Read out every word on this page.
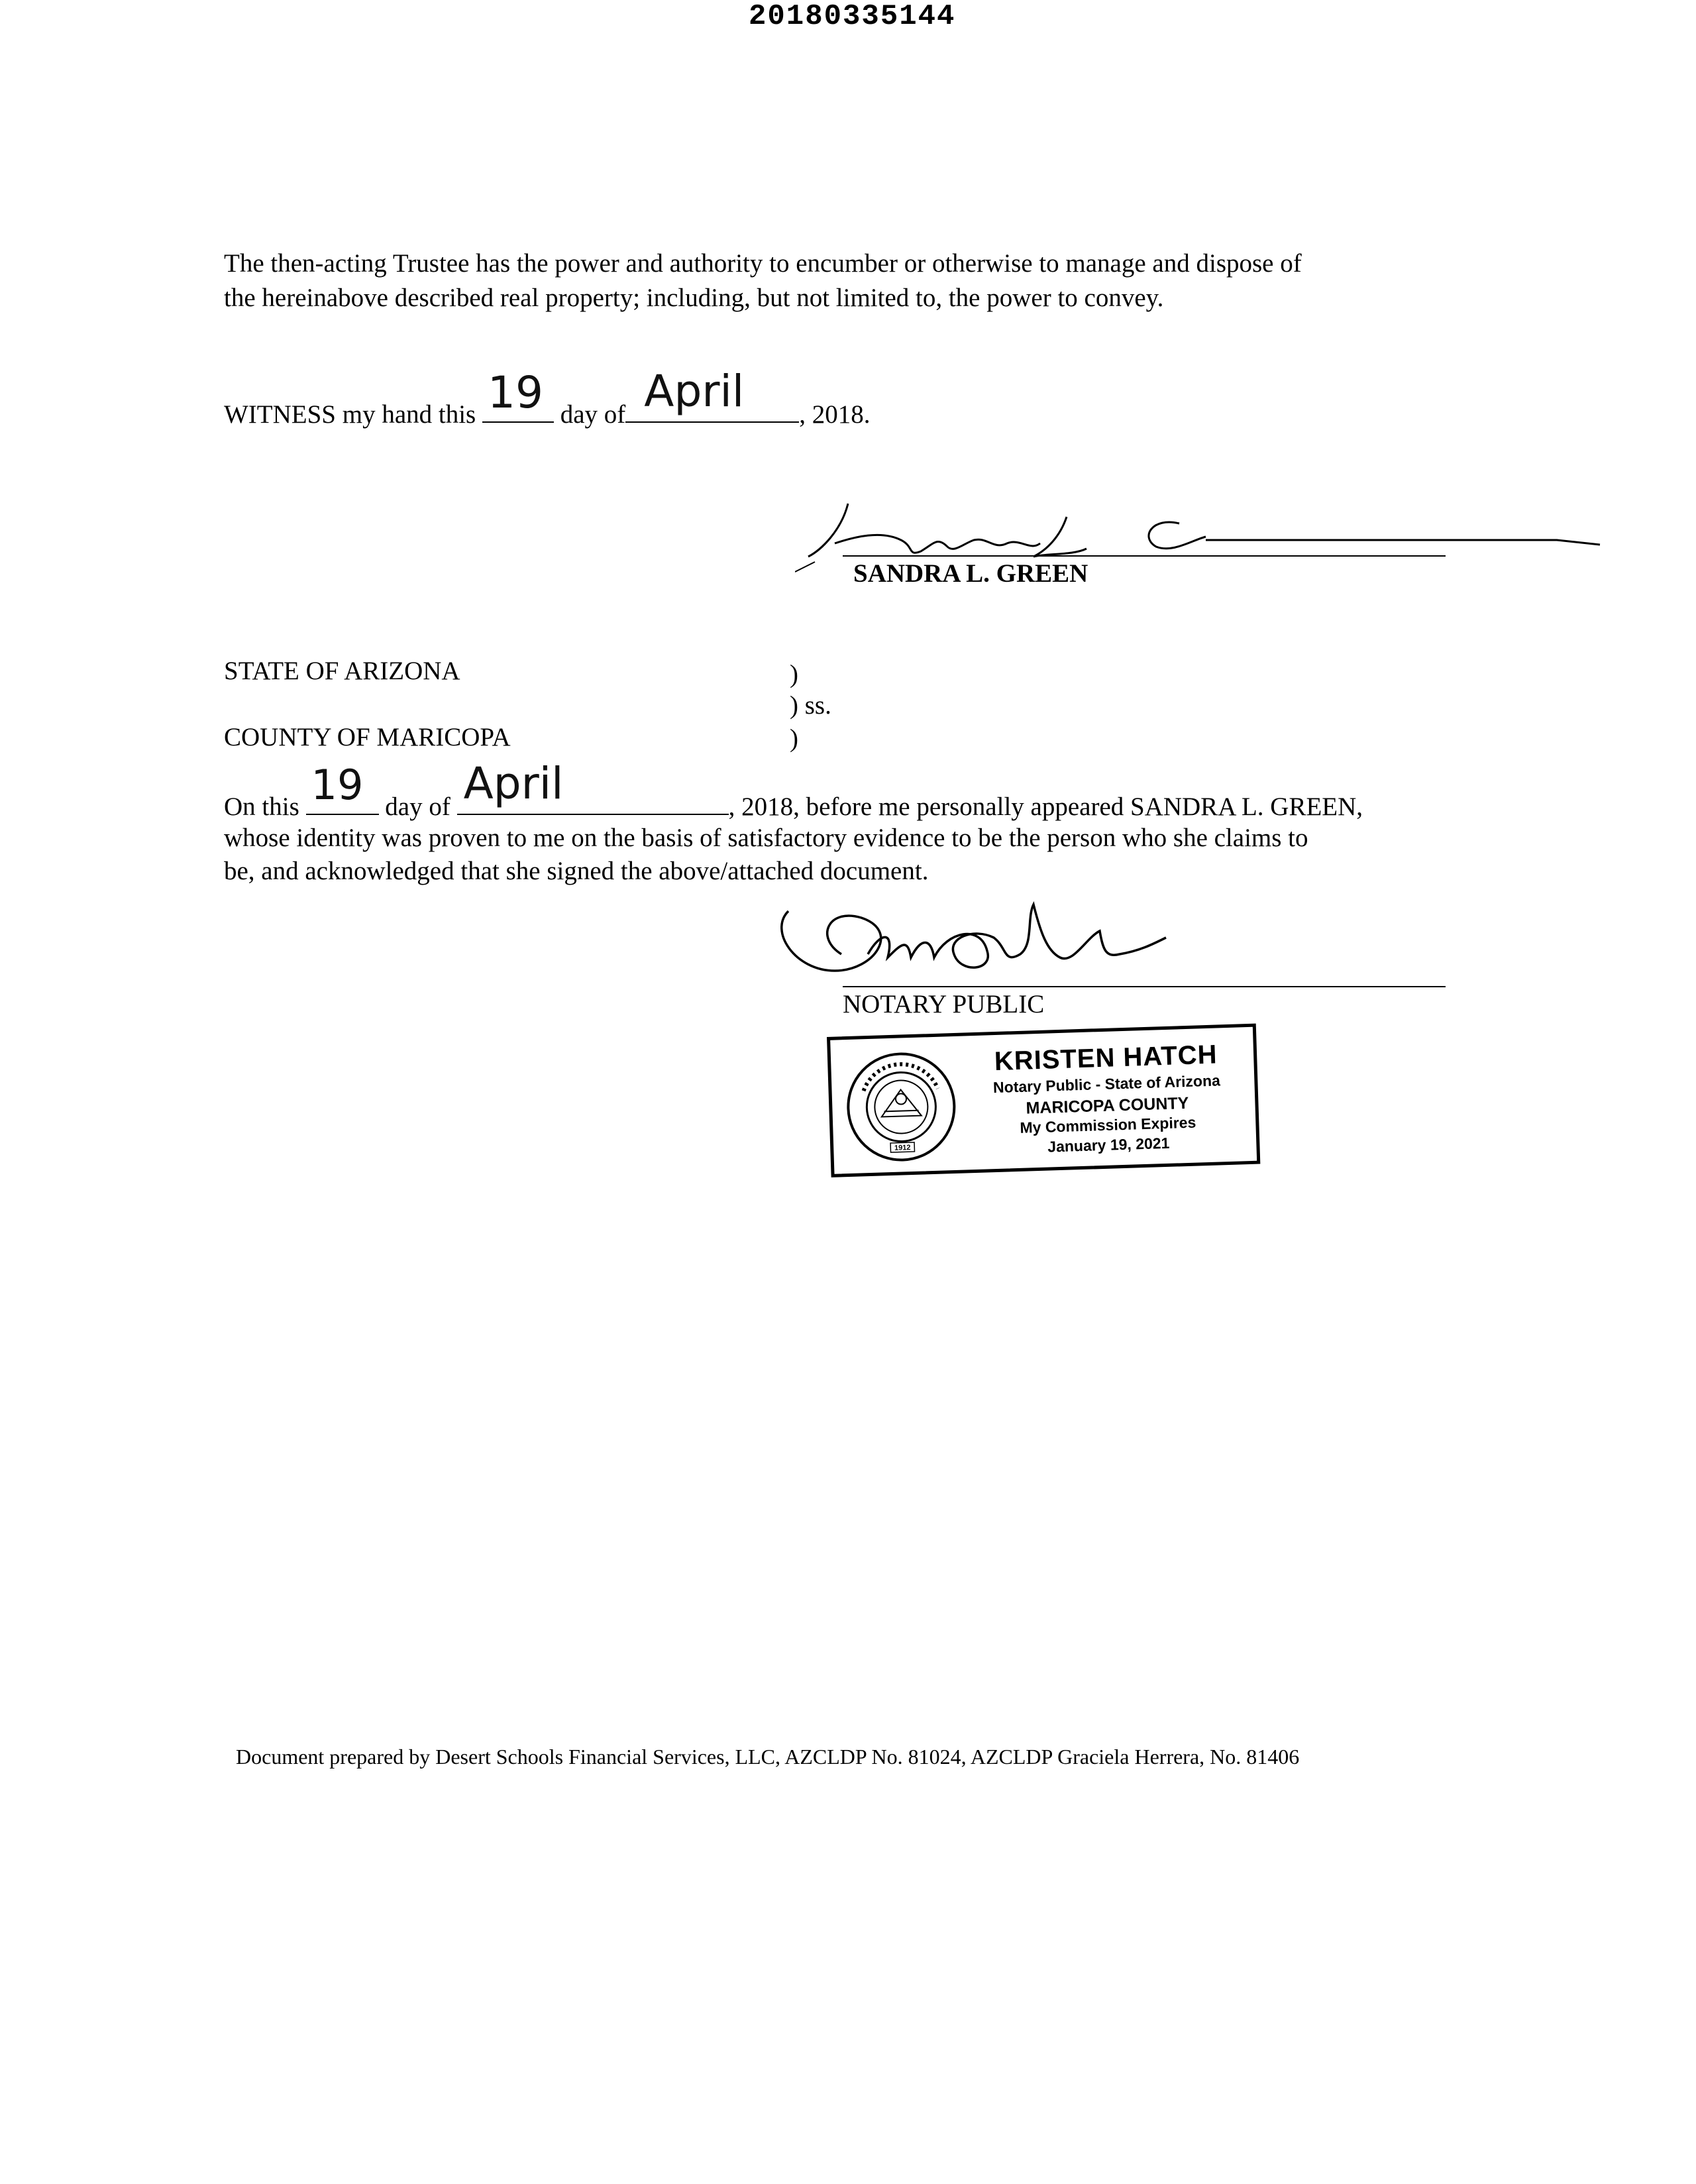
20180335144

The then-acting Trustee has the power and authority to encumber or otherwise to manage and dispose of

the hereinabove described real property; including, but not limited to, the power to convey.

WITNESS my hand this 19 day of April , 2018.
SANDRA L. GREEN
STATE OF ARIZONA
COUNTY OF MARICOPA
)
) ss.
)
On this 19 day of April	, 2018, before me personally appeared SANDRA L. GREEN,
whose identity was proven to me on the basis of satisfactory evidence to be the person who she claims to
be, and acknowledged that she signed the above/attached document.
NOTARY PUBLIC
1912
KRISTEN HATCH
Notary Public - State of Arizona
MARICOPA COUNTY
My Commission Expires
January 19, 2021
Document prepared by Desert Schools Financial Services, LLC, AZCLDP No. 81024, AZCLDP Graciela Herrera, No. 81406
